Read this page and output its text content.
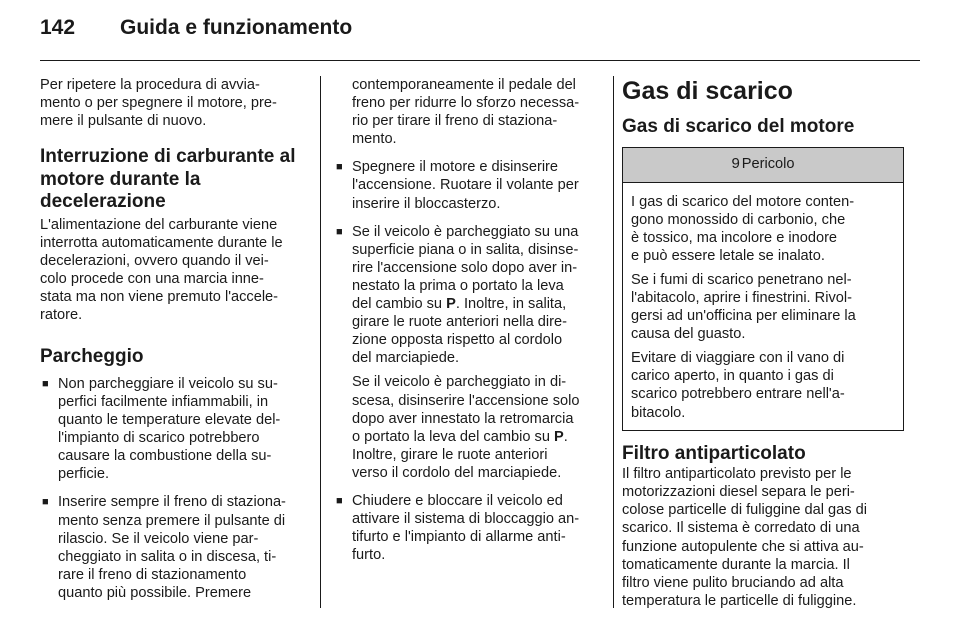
142 Guida e funzionamento
Per ripetere la procedura di avvia-
mento o per spegnere il motore, pre-
mere il pulsante di nuovo.
Interruzione di carburante al
motore durante la
decelerazione
L'alimentazione del carburante viene
interrotta automaticamente durante le
decelerazioni, ovvero quando il vei-
colo procede con una marcia inne-
stata ma non viene premuto l'accele-
ratore.
Parcheggio
■ Non parcheggiare il veicolo su su-
perfici facilmente infiammabili, in
quanto le temperature elevate del-
l'impianto di scarico potrebbero
causare la combustione della su-
perficie.
■ Inserire sempre il freno di staziona-
mento senza premere il pulsante di
rilascio. Se il veicolo viene par-
cheggiato in salita o in discesa, ti-
rare il freno di stazionamento
quanto più possibile. Premere
contemporaneamente il pedale del
freno per ridurre lo sforzo necessa-
rio per tirare il freno di staziona-
mento.
■ Spegnere il motore e disinserire
l'accensione. Ruotare il volante per
inserire il bloccasterzo.
■ Se il veicolo è parcheggiato su una
superficie piana o in salita, disinse-
rire l'accensione solo dopo aver in-
nestato la prima o portato la leva
del cambio su P. Inoltre, in salita,
girare le ruote anteriori nella dire-
zione opposta rispetto al cordolo
del marciapiede.
Se il veicolo è parcheggiato in di-
scesa, disinserire l'accensione solo
dopo aver innestato la retromarcia
o portato la leva del cambio su P.
Inoltre, girare le ruote anteriori
verso il cordolo del marciapiede.
■ Chiudere e bloccare il veicolo ed
attivare il sistema di bloccaggio an-
tifurto e l'impianto di allarme anti-
furto.
Gas di scarico
Gas di scarico del motore
9 Pericolo
I gas di scarico del motore conten-
gono monossido di carbonio, che
è tossico, ma incolore e inodore
e può essere letale se inalato.
Se i fumi di scarico penetrano nel-
l'abitacolo, aprire i finestrini. Rivol-
gersi ad un'officina per eliminare la
causa del guasto.
Evitare di viaggiare con il vano di
carico aperto, in quanto i gas di
scarico potrebbero entrare nell'a-
bitacolo.
Filtro antiparticolato
Il filtro antiparticolato previsto per le
motorizzazioni diesel separa le peri-
colose particelle di fuliggine dal gas di
scarico. Il sistema è corredato di una
funzione autopulente che si attiva au-
tomaticamente durante la marcia. Il
filtro viene pulito bruciando ad alta
temperatura le particelle di fuliggine.
